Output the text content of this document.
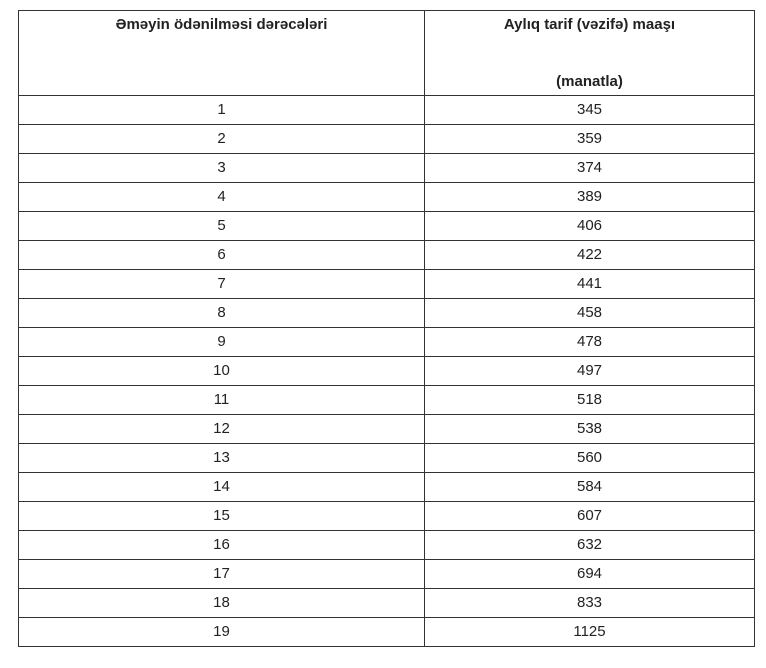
Əməyin ödənilməsi dərəcələri	Aylıq tarif (vəzifə) maaşı
(manatla)

1	345
2	359
3	374
4	389
5	406
6	422
7	441
8	458
9	478
10	497
11	518
12	538
13	560
14	584
15	607
16	632
17	694
18	833
19	1125
